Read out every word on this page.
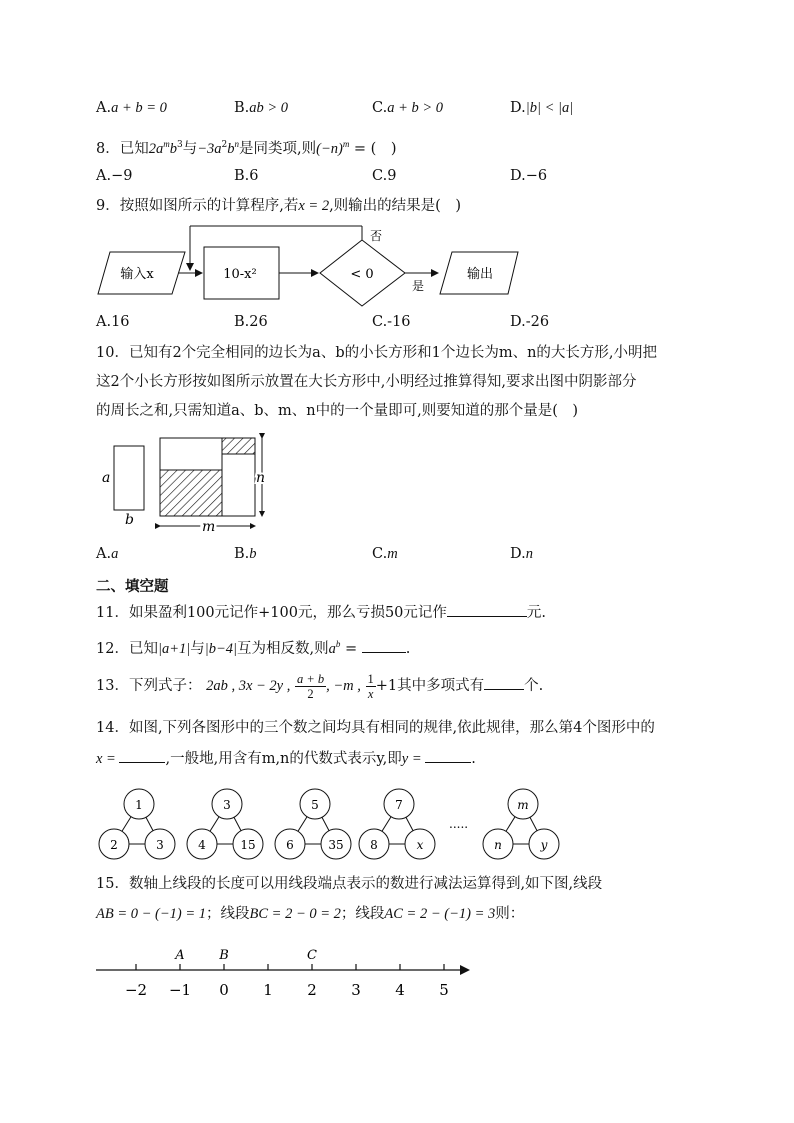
A.a + b = 0	B.ab > 0	C.a + b > 0	D.|b| < |a|
8．已知$2a^mb^3$与$-3a^2b^n$是同类项,则$(-n)^m$ = (　)
A.−9	B.6	C.9	D.−6
9．按照如图所示的计算程序,若x = 2,则输出的结果是(　)
输入x	10-x²	< 0
是
输出
否
A.16	B.26	C.-16	D.-26
10．已知有2个完全相同的边长为a、b的小长方形和1个边长为m、n的大长方形,小明把
这2个小长方形按如图所示放置在大长方形中,小明经过推算得知,要求出图中阴影部分
的周长之和,只需知道a、b、m、n中的一个量即可,则要知道的那个量是(　)
a
b
n
m
A.a	B.b	C.m	D.n
二、填空题
11．如果盈利100元记作+100元，那么亏损50元记作	元.
12．已知|a+1|与|b−4|互为相反数,则$a^b$ =	.
13．下列式子： 2ab , 3x − 2y , $\frac{a + b}{2}$ , −m , $\frac{1}{x} +1$其中多项式有	个.
14．如图,下列各图形中的三个数之间均具有相同的规律,依此规律，那么第4个图形中的
x =	,一般地,用含有m,n的代数式表示y,即y =	.
1
2	3
3
4	15
5
6	35
7
8	x
m
n	y
.....
15．数轴上线段的长度可以用线段端点表示的数进行减法运算得到,如下图,线段
AB = 0 − (−1) = 1；线段BC = 2 − 0 = 2；线段AC = 2 − (−1) = 3则：
−2 −1 0 1 2 3 4 5
A	B	C
